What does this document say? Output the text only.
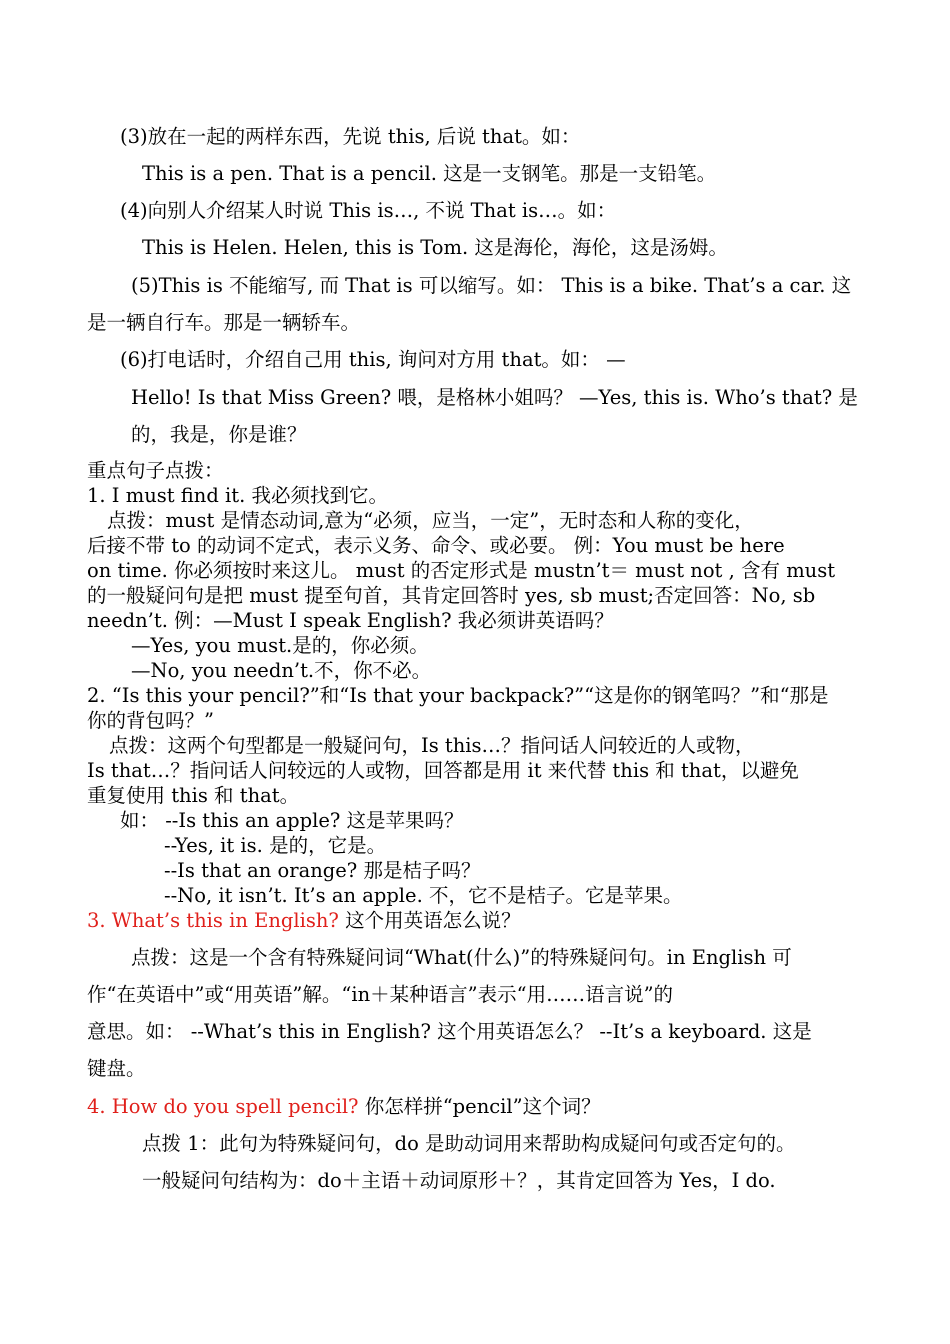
(3)放在一起的两样东西，先说 this, 后说 that。如：
This is a pen. That is a pencil. 这是一支钢笔。那是一支铅笔。
(4)向别人介绍某人时说 This is…, 不说 That is…。如：
This is Helen. Helen, this is Tom. 这是海伦，海伦，这是汤姆。
(5)This is 不能缩写, 而 That is 可以缩写。如： This is a bike. That’s a car. 这
是一辆自行车。那是一辆轿车。
(6)打电话时，介绍自己用 this, 询问对方用 that。如： —
Hello! Is that Miss Green? 喂，是格林小姐吗？ —Yes, this is. Who’s that? 是
的，我是，你是谁？
重点句子点拨：
1. I must find it. 我必须找到它。
点拨：must 是情态动词,意为“必须，应当，一定”，无时态和人称的变化，
后接不带 to 的动词不定式，表示义务、命令、或必要。 例：You must be here
on time. 你必须按时来这儿。 must 的否定形式是 mustn’t＝ must not , 含有 must
的一般疑问句是把 must 提至句首，其肯定回答时 yes, sb must;否定回答：No, sb
needn’t. 例：—Must I speak English? 我必须讲英语吗？
—Yes, you must.是的，你必须。
—No, you needn’t.不，你不必。
2. “Is this your pencil?”和“Is that your backpack?”“这是你的钢笔吗？”和“那是
你的背包吗？”
点拨：这两个句型都是一般疑问句，Is this…？指问话人问较近的人或物，
Is that…？指问话人问较远的人或物，回答都是用 it 来代替 this 和 that，以避免
重复使用 this 和 that。
如： --Is this an apple? 这是苹果吗？
--Yes, it is. 是的，它是。
--Is that an orange? 那是桔子吗？
--No, it isn’t. It’s an apple. 不，它不是桔子。它是苹果。
3. What’s this in English? 这个用英语怎么说？
点拨：这是一个含有特殊疑问词“What(什么)”的特殊疑问句。in English 可
作“在英语中”或“用英语”解。“in＋某种语言”表示“用……语言说”的
意思。如： --What’s this in English? 这个用英语怎么？ --It’s a keyboard. 这是
键盘。
4. How do you spell pencil? 你怎样拼“pencil”这个词？
点拨 1：此句为特殊疑问句，do 是助动词用来帮助构成疑问句或否定句的。
一般疑问句结构为：do＋主语＋动词原形＋？，其肯定回答为 Yes，I do.
